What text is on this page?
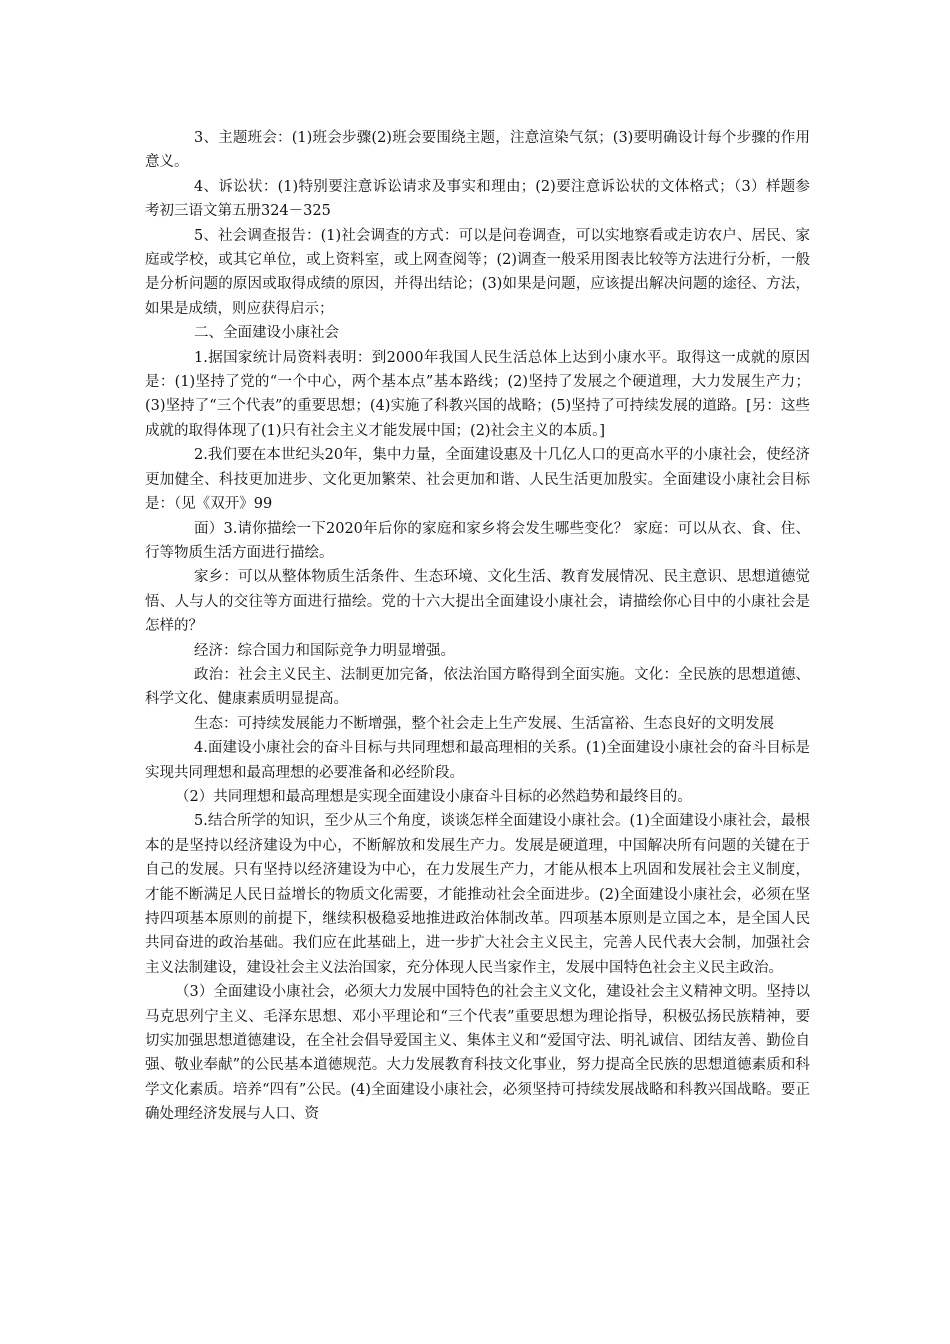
3、主题班会：(1)班会步骤(2)班会要围绕主题，注意渲染气氛；(3)要明确设计每个步骤的作用意义。

4、诉讼状：(1)特别要注意诉讼请求及事实和理由；(2)要注意诉讼状的文体格式；（3）样题参考初三语文第五册324－325

5、社会调查报告：(1)社会调查的方式：可以是问卷调查，可以实地察看或走访农户、居民、家庭或学校，或其它单位，或上资料室，或上网查阅等；(2)调查一般采用图表比较等方法进行分析，一般是分析问题的原因或取得成绩的原因，并得出结论；(3)如果是问题，应该提出解决问题的途径、方法，如果是成绩，则应获得启示；

二、全面建设小康社会

1.据国家统计局资料表明：到2000年我国人民生活总体上达到小康水平。取得这一成就的原因是：(1)坚持了党的“一个中心，两个基本点”基本路线；(2)坚持了发展之个硬道理，大力发展生产力；(3)坚持了“三个代表”的重要思想；(4)实施了科教兴国的战略；(5)坚持了可持续发展的道路。[另：这些成就的取得体现了(1)只有社会主义才能发展中国；(2)社会主义的本质。]

2.我们要在本世纪头20年，集中力量，全面建设惠及十几亿人口的更高水平的小康社会，使经济更加健全、科技更加进步、文化更加繁荣、社会更加和谐、人民生活更加殷实。全面建设小康社会目标是：（见《双开》99

面）3.请你描绘一下2020年后你的家庭和家乡将会发生哪些变化？ 家庭：可以从衣、食、住、行等物质生活方面进行描绘。

家乡：可以从整体物质生活条件、生态环境、文化生活、教育发展情况、民主意识、思想道德觉悟、人与人的交往等方面进行描绘。党的十六大提出全面建设小康社会，请描绘你心目中的小康社会是怎样的？

经济：综合国力和国际竞争力明显增强。

政治：社会主义民主、法制更加完备，依法治国方略得到全面实施。文化：全民族的思想道德、科学文化、健康素质明显提高。

生态：可持续发展能力不断增强，整个社会走上生产发展、生活富裕、生态良好的文明发展

4.面建设小康社会的奋斗目标与共同理想和最高理相的关系。(1)全面建设小康社会的奋斗目标是实现共同理想和最高理想的必要准备和必经阶段。

（2）共同理想和最高理想是实现全面建设小康奋斗目标的必然趋势和最终目的。

5.结合所学的知识，至少从三个角度，谈谈怎样全面建设小康社会。(1)全面建设小康社会，最根本的是坚持以经济建设为中心，不断解放和发展生产力。发展是硬道理，中国解决所有问题的关键在于自己的发展。只有坚持以经济建设为中心，在力发展生产力，才能从根本上巩固和发展社会主义制度，才能不断满足人民日益增长的物质文化需要，才能推动社会全面进步。(2)全面建设小康社会，必须在坚持四项基本原则的前提下，继续积极稳妥地推进政治体制改革。四项基本原则是立国之本，是全国人民共同奋进的政治基础。我们应在此基础上，进一步扩大社会主义民主，完善人民代表大会制，加强社会主义法制建设，建设社会主义法治国家，充分体现人民当家作主，发展中国特色社会主义民主政治。

（3）全面建设小康社会，必须大力发展中国特色的社会主义文化，建设社会主义精神文明。坚持以马克思列宁主义、毛泽东思想、邓小平理论和“三个代表”重要思想为理论指导，积极弘扬民族精神，要切实加强思想道德建设，在全社会倡导爱国主义、集体主义和“爱国守法、明礼诚信、团结友善、勤俭自强、敬业奉献”的公民基本道德规范。大力发展教育科技文化事业，努力提高全民族的思想道德素质和科学文化素质。培养“四有”公民。(4)全面建设小康社会，必须坚持可持续发展战略和科教兴国战略。要正确处理经济发展与人口、资
